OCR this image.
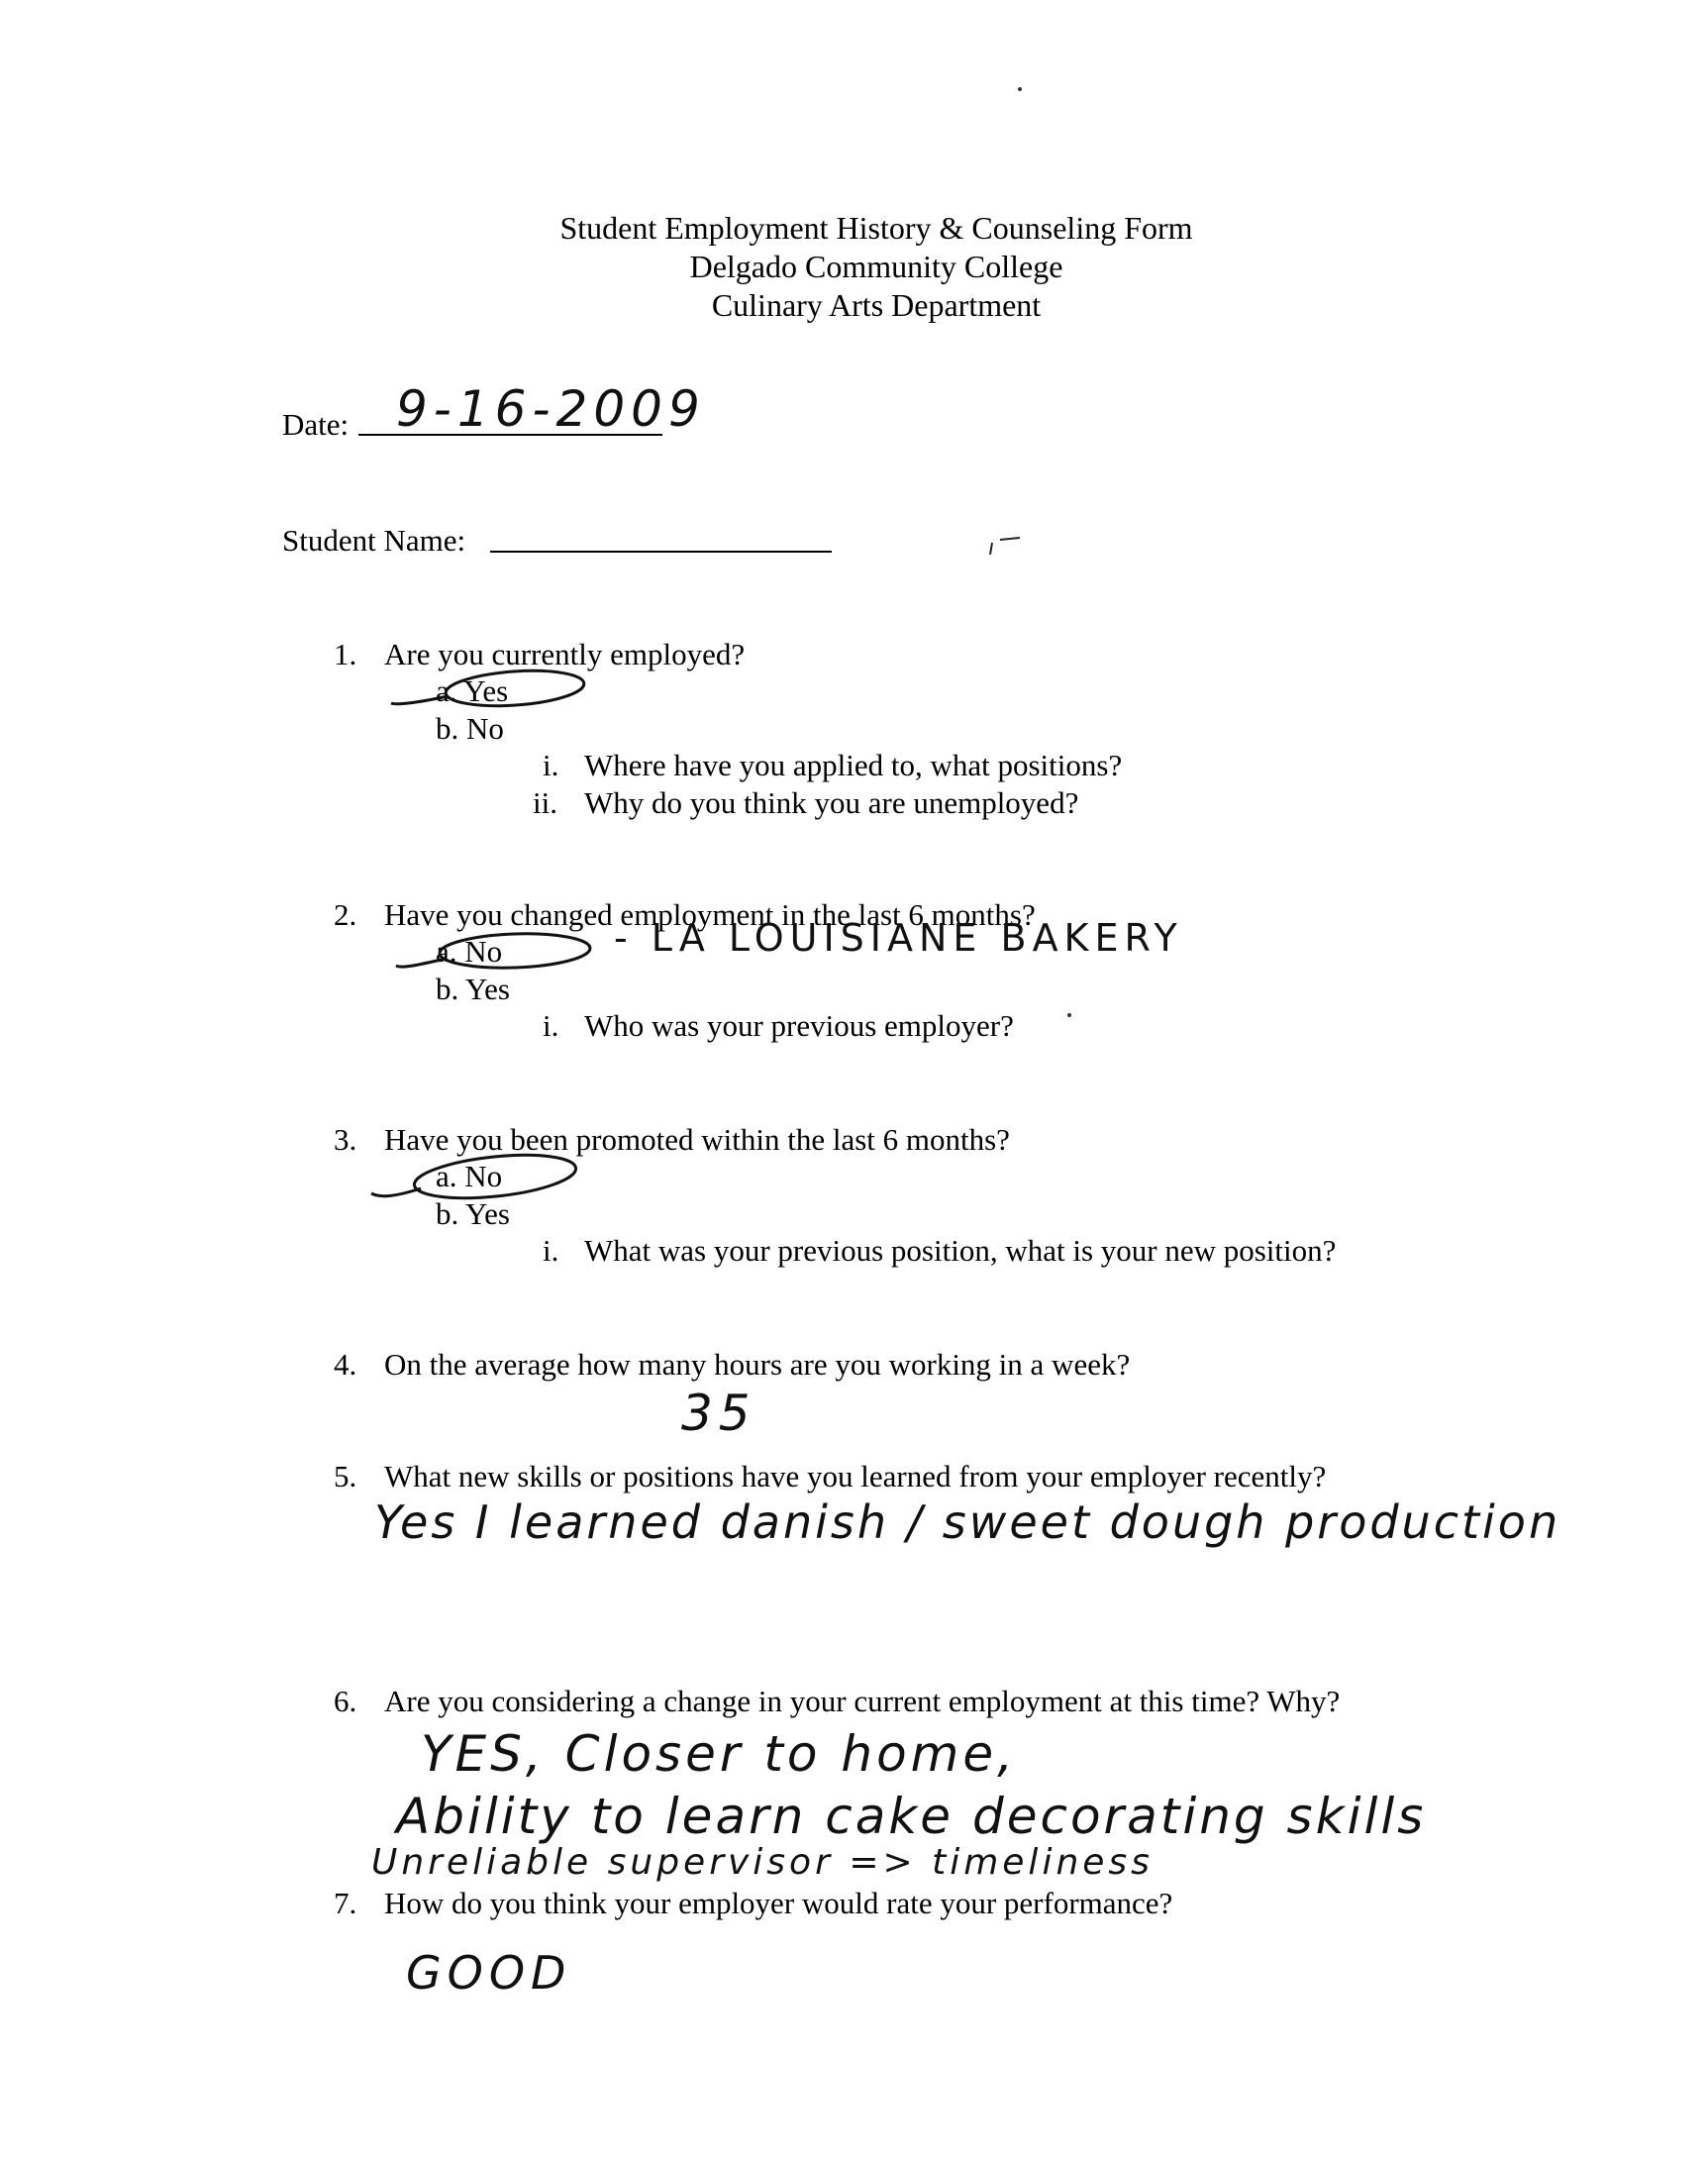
Student Employment History & Counseling Form
Delgado Community College
Culinary Arts Department
Date: 9-16-2009
Student Name:
1. Are you currently employed?
a. Yes
b. No
i. Where have you applied to, what positions?
ii. Why do you think you are unemployed?
2. Have you changed employment in the last 6 months?
a. No
b. Yes
- LA LOUISIANE BAKERY
i. Who was your previous employer?
3. Have you been promoted within the last 6 months?
a. No
b. Yes
i. What was your previous position, what is your new position?
4. On the average how many hours are you working in a week?
35
5. What new skills or positions have you learned from your employer recently?
Yes I learned danish / sweet dough production
6. Are you considering a change in your current employment at this time? Why?
YES, Closer to home,
Ability to learn cake decorating skills
Unreliable supervisor => timeliness
7. How do you think your employer would rate your performance?
GOOD
